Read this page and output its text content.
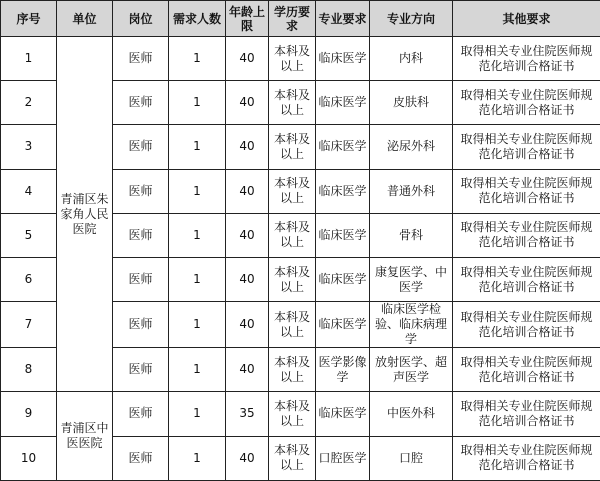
序号	单位	岗位	需求人数	年龄上限	学历要求	专业要求	专业方向	其他要求
1	青浦区朱家角人民医院	医师	1	40	本科及以上	临床医学	内科	取得相关专业住院医师规范化培训合格证书
2		医师	1	40	本科及以上	临床医学	皮肤科	取得相关专业住院医师规范化培训合格证书
3		医师	1	40	本科及以上	临床医学	泌尿外科	取得相关专业住院医师规范化培训合格证书
4		医师	1	40	本科及以上	临床医学	普通外科	取得相关专业住院医师规范化培训合格证书
5		医师	1	40	本科及以上	临床医学	骨科	取得相关专业住院医师规范化培训合格证书
6		医师	1	40	本科及以上	临床医学	康复医学、中医学	取得相关专业住院医师规范化培训合格证书
7		医师	1	40	本科及以上	临床医学	临床医学检验、临床病理学	取得相关专业住院医师规范化培训合格证书
8		医师	1	40	本科及以上	医学影像学	放射医学、超声医学	取得相关专业住院医师规范化培训合格证书
9	青浦区中医医院	医师	1	35	本科及以上	临床医学	中医外科	取得相关专业住院医师规范化培训合格证书
10		医师	1	40	本科及以上	口腔医学	口腔	取得相关专业住院医师规范化培训合格证书
